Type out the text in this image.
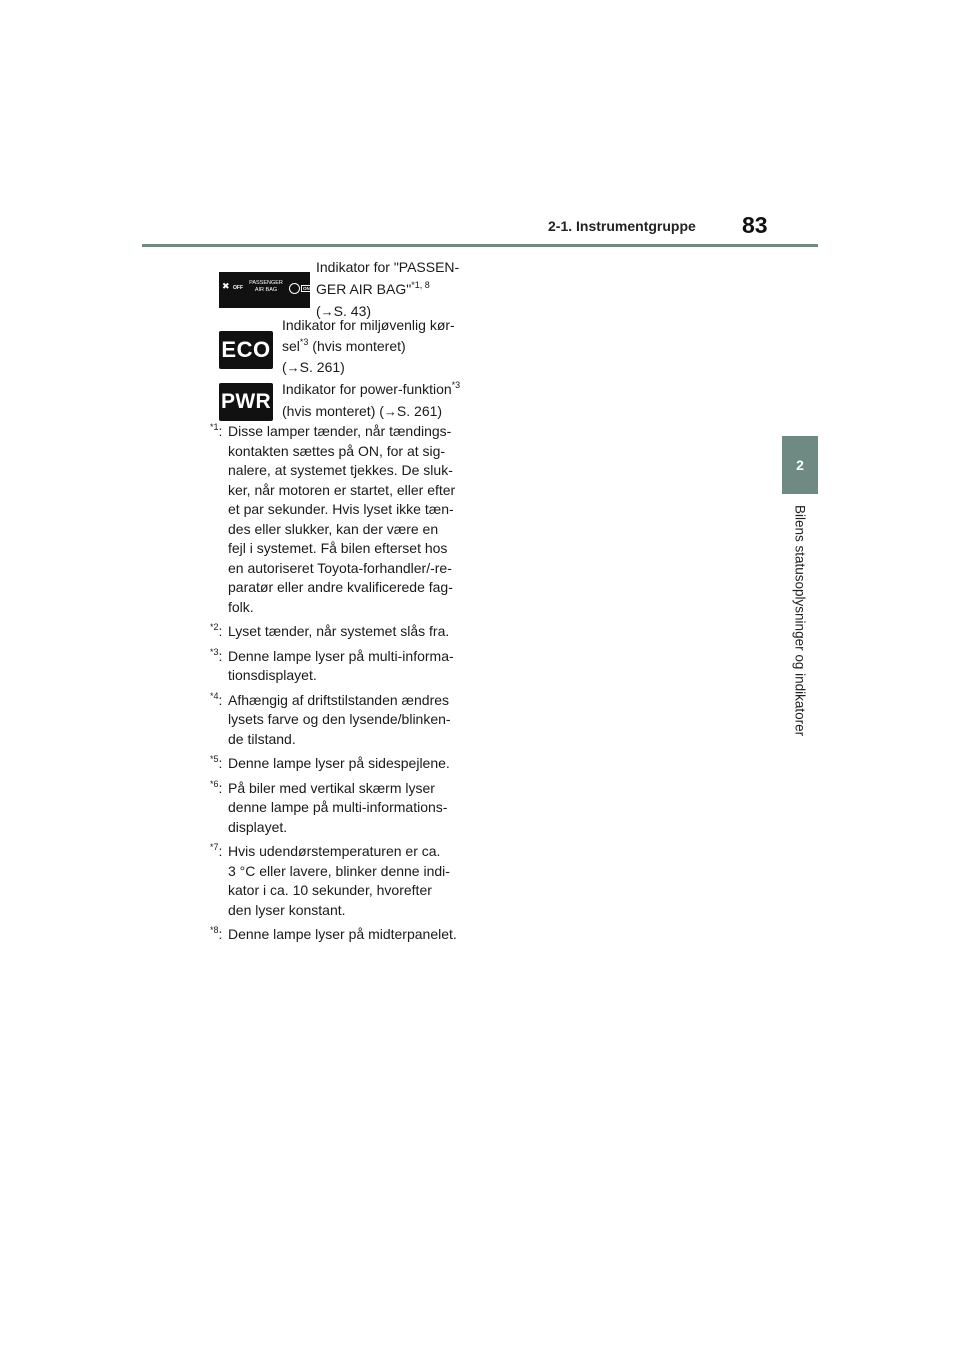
2-1. Instrumentgruppe 83
2
Bilens statusoplysninger og indikatorer
✖ OFF
PASSENGER
AIR BAG	ON
Indikator for "PASSEN-
GER AIR BAG"$^{*1, 8}$
(→S. 43)
ECO
Indikator for miljøvenlig kør-
sel$^{*3}$ (hvis monteret)
(→S. 261)
PWR
Indikator for power-funktion$^{*3}$
(hvis monteret) (→S. 261)
$^{*1}$: Disse lamper tænder, når tændings-
kontakten sættes på ON, for at sig-
nalere, at systemet tjekkes. De sluk-
ker, når motoren er startet, eller efter
et par sekunder. Hvis lyset ikke tæn-
des eller slukker, kan der være en
fejl i systemet. Få bilen efterset hos
en autoriseret Toyota-forhandler/-re-
paratør eller andre kvalificerede fag-
folk.
$^{*2}$: Lyset tænder, når systemet slås fra.
$^{*3}$: Denne lampe lyser på multi-informa-
tionsdisplayet.
$^{*4}$: Afhængig af driftstilstanden ændres
lysets farve og den lysende/blinken-
de tilstand.
$^{*5}$: Denne lampe lyser på sidespejlene.
$^{*6}$: På biler med vertikal skærm lyser
denne lampe på multi-informations-
displayet.
$^{*7}$: Hvis udendørstemperaturen er ca.
3 °C eller lavere, blinker denne indi-
kator i ca. 10 sekunder, hvorefter
den lyser konstant.
$^{*8}$: Denne lampe lyser på midterpanelet.
